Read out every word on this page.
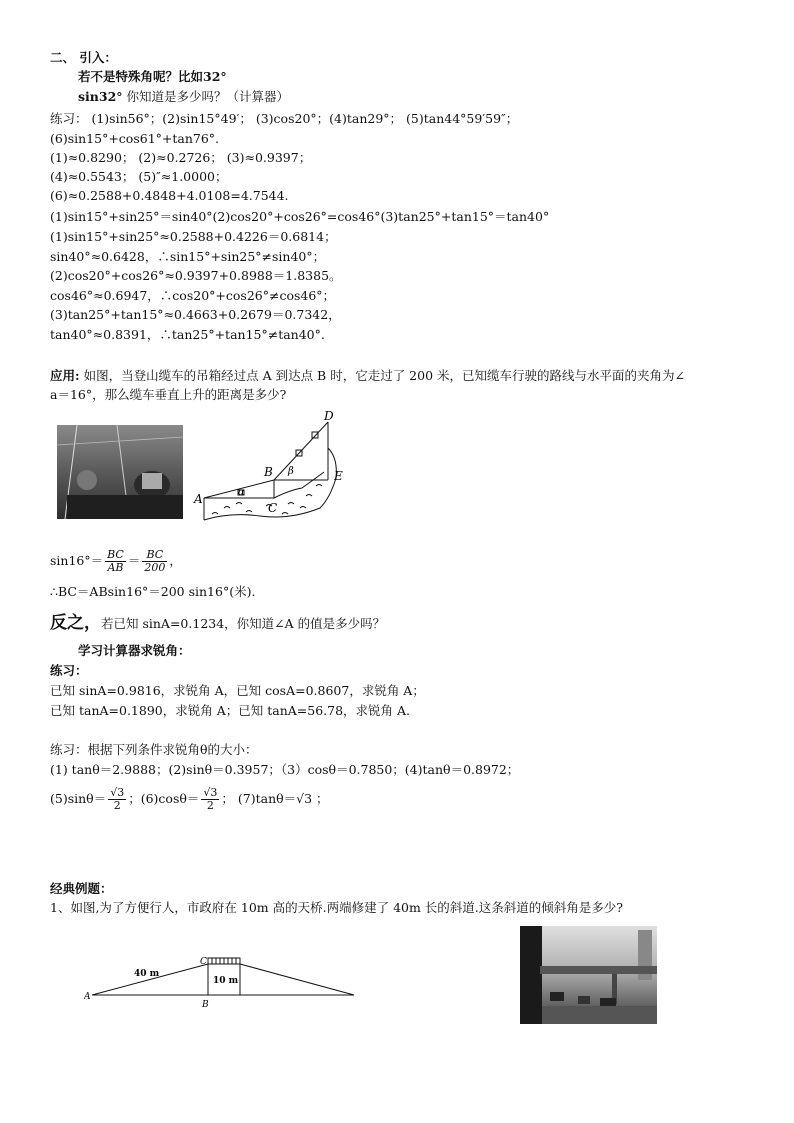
二、 引入：
若不是特殊角呢？比如32°
sin32° 你知道是多少吗？（计算器）
练习： (1)sin56°；(2)sin15°49′； (3)cos20°；(4)tan29°； (5)tan44°59′59″；
(6)sin15°+cos61°+tan76°.
(1)≈0.8290； (2)≈0.2726； (3)≈0.9397；
(4)≈0.5543； (5)″≈1.0000；
(6)≈0.2588+0.4848+4.0108=4.7544.
(1)sin15°+sin25°＝sin40°(2)cos20°+cos26°=cos46°(3)tan25°+tan15°＝tan40°
(1)sin15°+sin25°≈0.2588+0.4226＝0.6814；
sin40°≈0.6428，∴sin15°+sin25°≠sin40°；
(2)cos20°+cos26°≈0.9397+0.8988＝1.8385。
cos46°≈0.6947，∴cos20°+cos26°≠cos46°；
(3)tan25°+tan15°≈0.4663+0.2679＝0.7342，
tan40°≈0.8391，∴tan25°+tan15°≠tan40°.
应用: 如图，当登山缆车的吊箱经过点 A 到达点 B 时，它走过了 200 米，已知缆车行驶的路线与水平面的夹角为∠
a＝16°，那么缆车垂直上升的距离是多少?
A
B
C
D
E
α
β
$\sin 16^\circ= \frac{BC}{AB} = \frac{BC}{200}$ ，
∴BC＝ABsin16°＝200 sin16°(米).
反之，若已知 sinA=0.1234，你知道∠A 的值是多少吗？
学习计算器求锐角：
练习：
已知 sinA=0.9816，求锐角 A，已知 cosA=0.8607，求锐角 A；
已知 tanA=0.1890，求锐角 A；已知 tanA=56.78，求锐角 A.
练习：根据下列条件求锐角θ的大小：
(1) tanθ＝2.9888；(2)sinθ＝0.3957；（3）cosθ＝0.7850；(4)tanθ＝0.8972；
$(5)\sin\theta= \frac{√3}{2}$ ；$(6)\cos\theta= \frac{√3}{2}$ ； (7)tanθ＝√3 ；
经典例题：
1、如图,为了方便行人，市政府在 10m 高的天桥.两端修建了 40m 长的斜道.这条斜道的倾斜角是多少?
A
B
C
40 m
10 m
